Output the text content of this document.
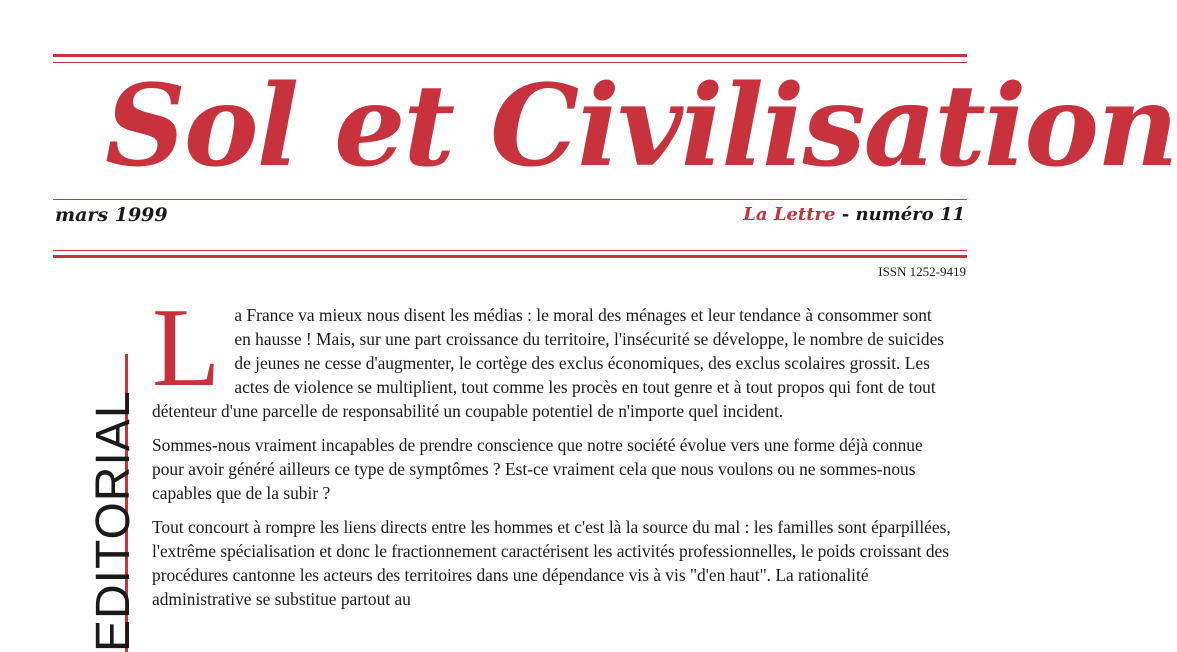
Sol et Civilisation
mars 1999	La Lettre - numéro 11
ISSN 1252-9419
EDITORIAL

La France va mieux nous disent les médias : le moral des ménages et leur tendance à consommer sont en hausse ! Mais, sur une part croissance du territoire, l'insécurité se développe, le nombre de suicides de jeunes ne cesse d'augmenter, le cortège des exclus économiques, des exclus scolaires grossit. Les actes de violence se multiplient, tout comme les procès en tout genre et à tout propos qui font de tout détenteur d'une parcelle de responsabilité un coupable potentiel de n'importe quel incident.

Sommes-nous vraiment incapables de prendre conscience que notre société évolue vers une forme déjà connue pour avoir généré ailleurs ce type de symptômes ? Est-ce vraiment cela que nous voulons ou ne sommes-nous capables que de la subir ?

Tout concourt à rompre les liens directs entre les hommes et c'est là la source du mal : les familles sont éparpillées, l'extrême spécialisation et donc le fractionnement caractérisent les activités professionnelles, le poids croissant des procédures cantonne les acteurs des territoires dans une dépendance vis à vis "d'en haut". La rationalité administrative se substitue partout au
